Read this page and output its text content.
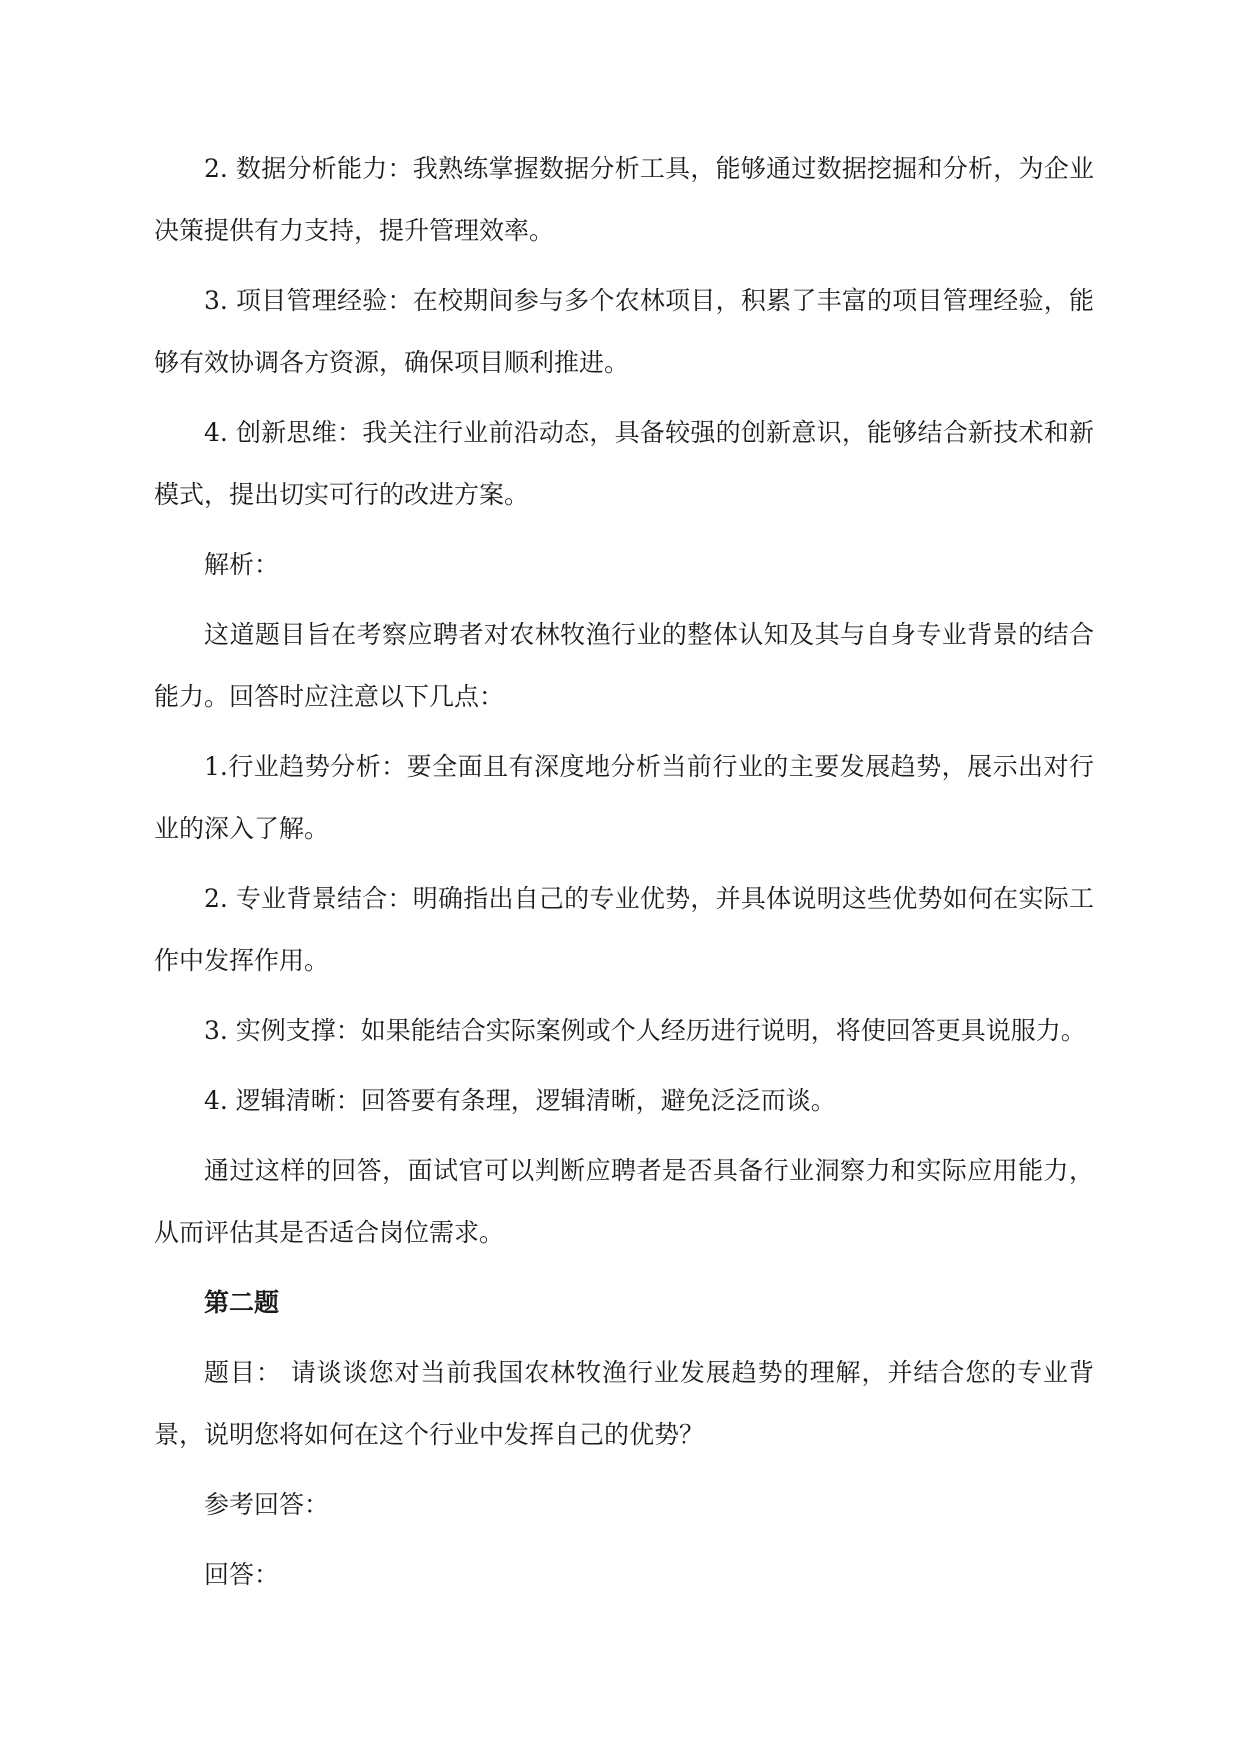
2. 数据分析能力：我熟练掌握数据分析工具，能够通过数据挖掘和分析，为企业决策提供有力支持，提升管理效率。

3. 项目管理经验：在校期间参与多个农林项目，积累了丰富的项目管理经验，能够有效协调各方资源，确保项目顺利推进。

4. 创新思维：我关注行业前沿动态，具备较强的创新意识，能够结合新技术和新模式，提出切实可行的改进方案。

解析：

这道题目旨在考察应聘者对农林牧渔行业的整体认知及其与自身专业背景的结合能力。回答时应注意以下几点：

1.行业趋势分析：要全面且有深度地分析当前行业的主要发展趋势，展示出对行业的深入了解。

2. 专业背景结合：明确指出自己的专业优势，并具体说明这些优势如何在实际工作中发挥作用。

3. 实例支撑：如果能结合实际案例或个人经历进行说明，将使回答更具说服力。

4. 逻辑清晰：回答要有条理，逻辑清晰，避免泛泛而谈。

通过这样的回答，面试官可以判断应聘者是否具备行业洞察力和实际应用能力，从而评估其是否适合岗位需求。

第二题

题目： 请谈谈您对当前我国农林牧渔行业发展趋势的理解，并结合您的专业背景，说明您将如何在这个行业中发挥自己的优势？

参考回答：

回答：
